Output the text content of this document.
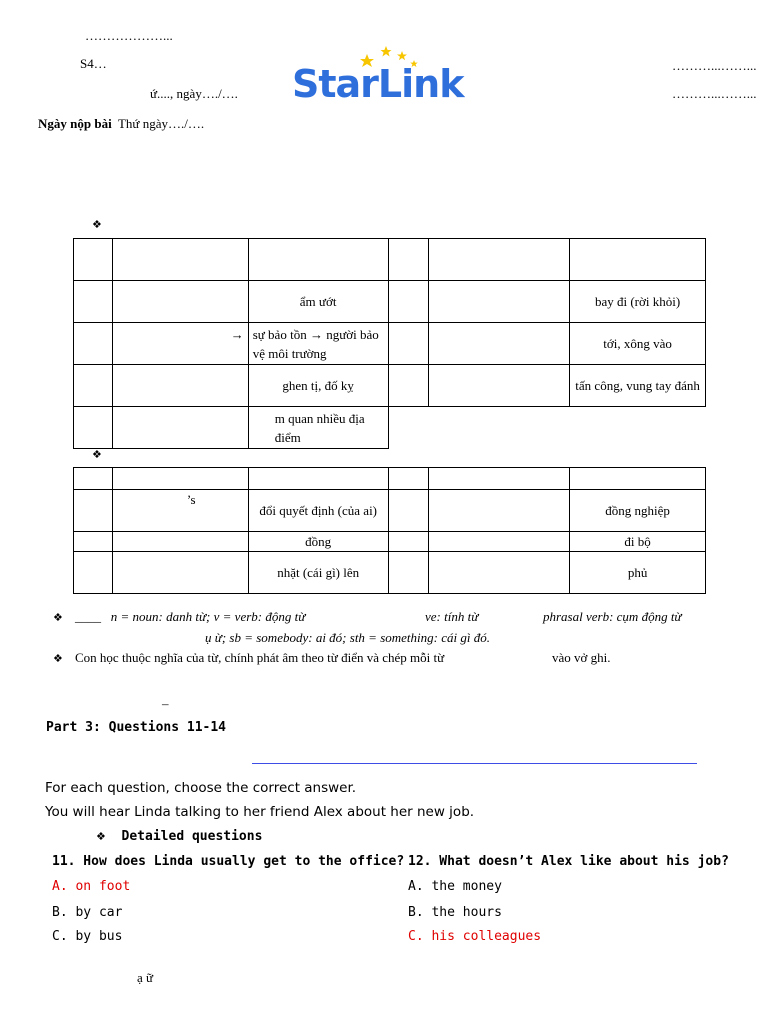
………………...
S4…
ứ...., ngày…./….
………...……...
………...……...
Ngày nộp bài Thứ ngày…./….
StarLink
❖

		ẩm ướt			bay đi (rời khỏi)
	→	sự bảo tồn → người bảo vệ môi trường			tới, xông vào
		ghen tị, đố kỵ			tấn công, vung tay đánh
		m quan nhiều địa điểm			
❖

	’s	đổi quyết định (của ai)			đồng nghiệp
		đồng			đi bộ
		nhặt (cái gì) lên			phủ
❖ ____ n = noun: danh từ; v = verb: động từ	ve: tính từ	phrasal verb: cụm động từ
ụ ừ; sb = somebody: ai đó; sth = something: cái gì đó.
❖ Con học thuộc nghĩa của từ, chính phát âm theo từ điển và chép mỗi từ	vào vở ghi.
–
Part 3: Questions 11-14
For each question, choose the correct answer.
You will hear Linda talking to her friend Alex about her new job.
❖ Detailed questions
11. How does Linda usually get to the office?
A. on foot
B. by car
C. by bus
12. What doesn’t Alex like about his job?
A. the money
B. the hours
C. his colleagues
ạ ữ
